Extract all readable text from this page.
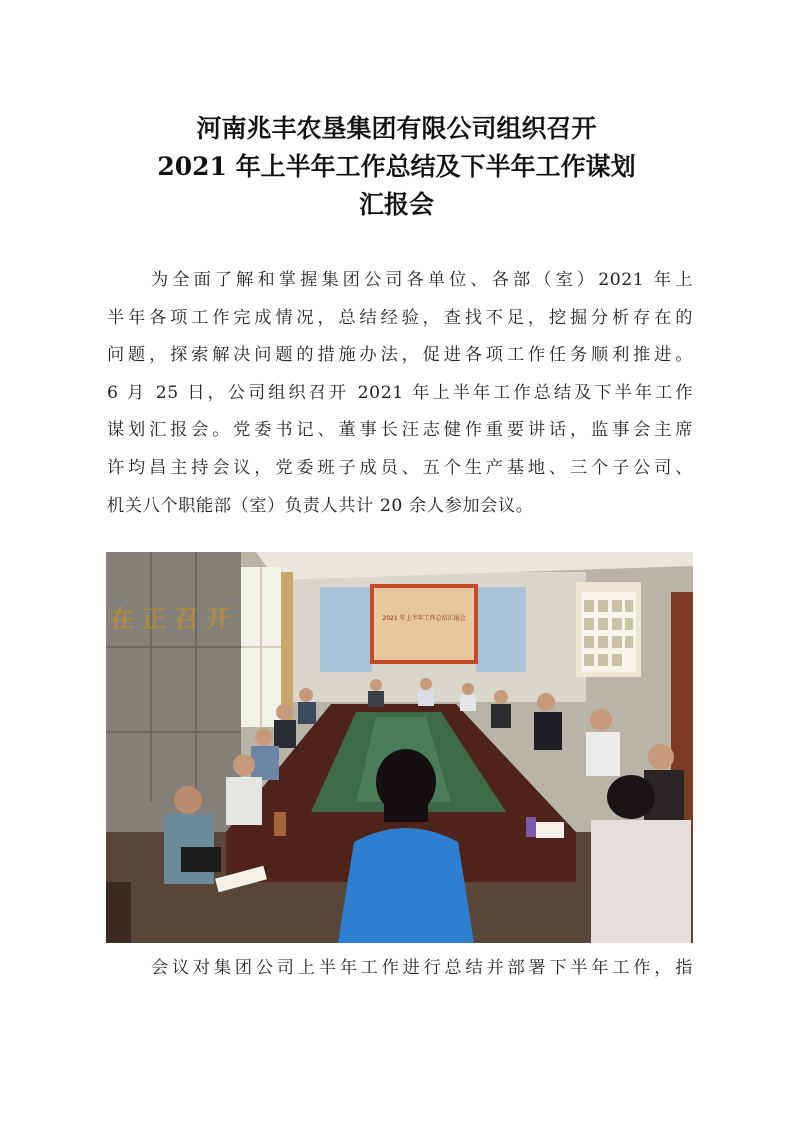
河南兆丰农垦集团有限公司组织召开
2021 年上半年工作总结及下半年工作谋划
汇报会
为全面了解和掌握集团公司各单位、各部（室）2021 年上
半年各项工作完成情况，总结经验，查找不足，挖掘分析存在的
问题，探索解决问题的措施办法，促进各项工作任务顺利推进。
6 月 25 日，公司组织召开 2021 年上半年工作总结及下半年工作
谋划汇报会。党委书记、董事长汪志健作重要讲话，监事会主席
许均昌主持会议，党委班子成员、五个生产基地、三个子公司、
机关八个职能部（室）负责人共计 20 余人参加会议。
在正召开	2021 年上半年工作总结汇报会
会议对集团公司上半年工作进行总结并部署下半年工作，指
